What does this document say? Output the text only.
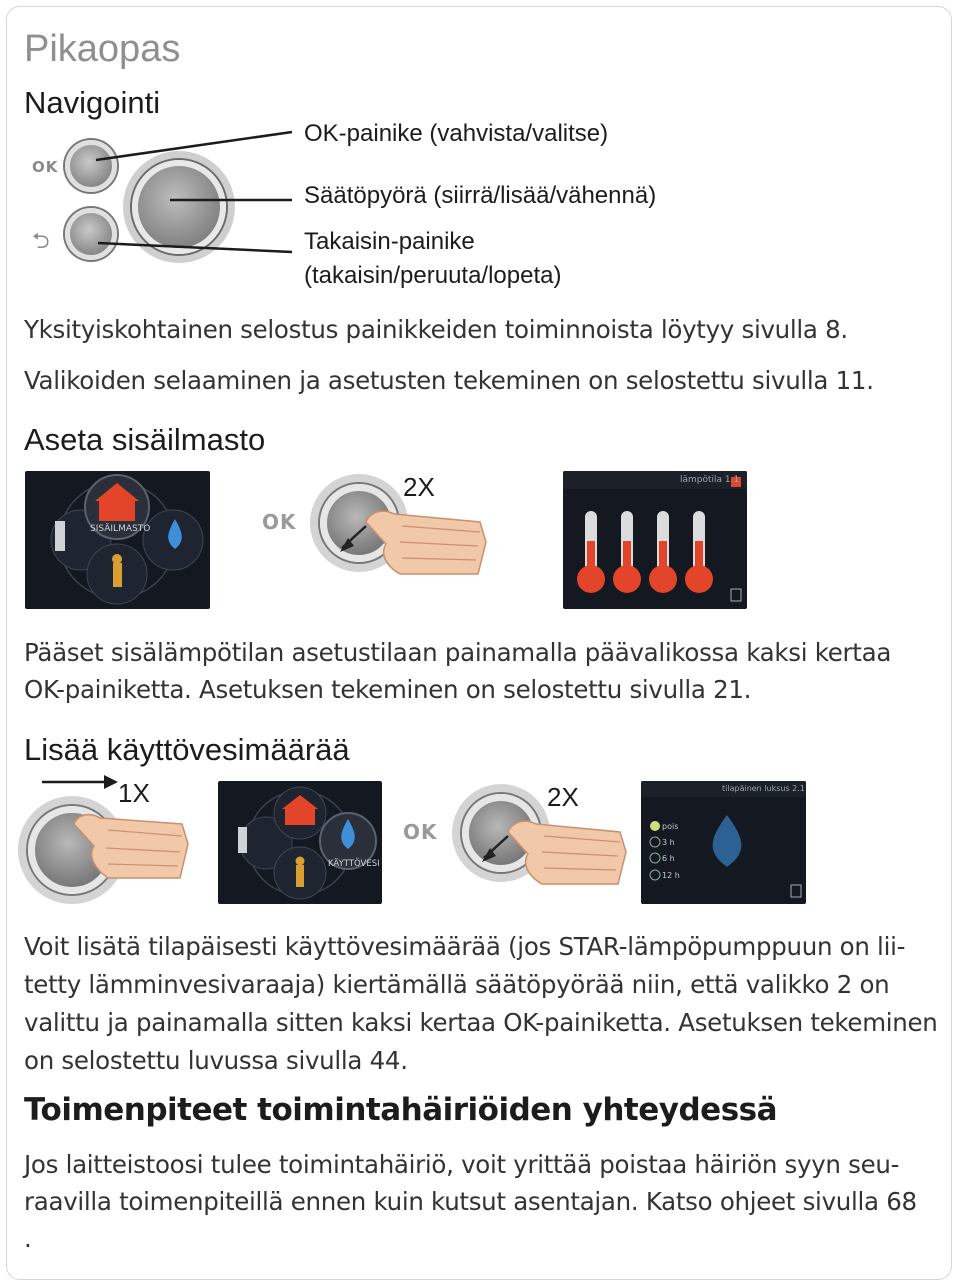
Pikaopas
Navigointi
OK
⮌
OK-painike (vahvista/valitse)
Säätöpyörä (siirrä/lisää/vähennä)
Takaisin-painike
(takaisin/peruuta/lopeta)
Yksityiskohtainen selostus painikkeiden toiminnoista löytyy sivulla 8.
Valikoiden selaaminen ja asetusten tekeminen on selostettu sivulla 11.
Aseta sisäilmasto
SISÄILMASTO	OK
2X	lämpötila 1.1
Pääset sisälämpötilan asetustilaan painamalla päävalikossa kaksi kertaa
OK-painiketta. Asetuksen tekeminen on selostettu sivulla 21.
Lisää käyttövesimäärää
1X
KÄYTTÖVESI
OK
2X	tilapäinen luksus 2.1
pois
3 h
6 h
12 h
Voit lisätä tilapäisesti käyttövesimäärää (jos STAR-lämpöpumppuun on lii-
tetty lämminvesivaraaja) kiertämällä säätöpyörää niin, että valikko 2 on
valittu ja painamalla sitten kaksi kertaa OK-painiketta. Asetuksen tekeminen
on selostettu luvussa sivulla 44.
Toimenpiteet toimintahäiriöiden yhteydessä
Jos laitteistoosi tulee toimintahäiriö, voit yrittää poistaa häiriön syyn seu-
raavilla toimenpiteillä ennen kuin kutsut asentajan. Katso ohjeet sivulla 68
.
